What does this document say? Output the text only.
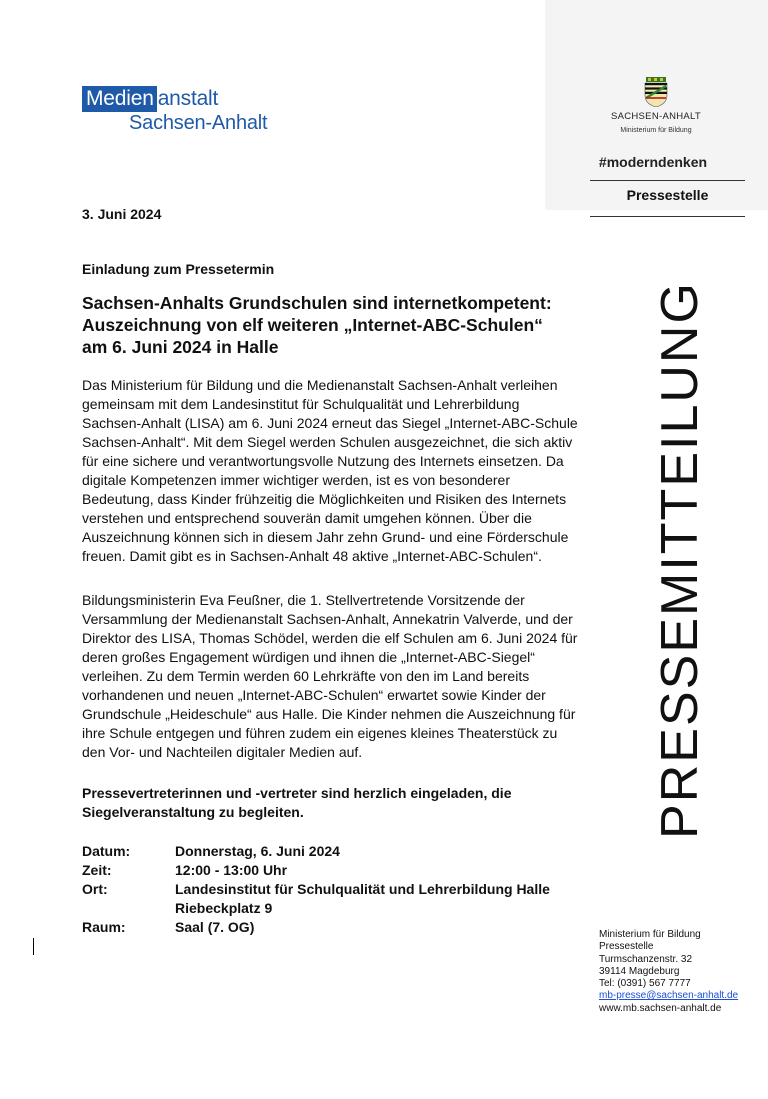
Medien anstalt
Sachsen-Anhalt	SACHSEN-ANHALT
Ministerium für Bildung
#moderndenken
Pressestelle
PRESSEMITTEILUNG
3. Juni 2024
Einladung zum Pressetermin
Sachsen-Anhalts Grundschulen sind internetkompetent:
Auszeichnung von elf weiteren „Internet-ABC-Schulen“
am 6. Juni 2024 in Halle
Das Ministerium für Bildung und die Medienanstalt Sachsen-Anhalt verleihen
gemeinsam mit dem Landesinstitut für Schulqualität und Lehrerbildung
Sachsen-Anhalt (LISA) am 6. Juni 2024 erneut das Siegel „Internet-ABC-Schule
Sachsen-Anhalt“. Mit dem Siegel werden Schulen ausgezeichnet, die sich aktiv
für eine sichere und verantwortungsvolle Nutzung des Internets einsetzen. Da
digitale Kompetenzen immer wichtiger werden, ist es von besonderer
Bedeutung, dass Kinder frühzeitig die Möglichkeiten und Risiken des Internets
verstehen und entsprechend souverän damit umgehen können. Über die
Auszeichnung können sich in diesem Jahr zehn Grund- und eine Förderschule
freuen. Damit gibt es in Sachsen-Anhalt 48 aktive „Internet-ABC-Schulen“.
Bildungsministerin Eva Feußner, die 1. Stellvertretende Vorsitzende der
Versammlung der Medienanstalt Sachsen-Anhalt, Annekatrin Valverde, und der
Direktor des LISA, Thomas Schödel, werden die elf Schulen am 6. Juni 2024 für
deren großes Engagement würdigen und ihnen die „Internet-ABC-Siegel“
verleihen. Zu dem Termin werden 60 Lehrkräfte von den im Land bereits
vorhandenen und neuen „Internet-ABC-Schulen“ erwartet sowie Kinder der
Grundschule „Heideschule“ aus Halle. Die Kinder nehmen die Auszeichnung für
ihre Schule entgegen und führen zudem ein eigenes kleines Theaterstück zu
den Vor- und Nachteilen digitaler Medien auf.
Pressevertreterinnen und -vertreter sind herzlich eingeladen, die
Siegelveranstaltung zu begleiten.
Datum:	Donnerstag, 6. Juni 2024
Zeit:	12:00 - 13:00 Uhr
Ort:	Landesinstitut für Schulqualität und Lehrerbildung Halle
Riebeckplatz 9
Raum:	Saal (7. OG)	Ministerium für Bildung
Pressestelle
Turmschanzenstr. 32
39114 Magdeburg
Tel: (0391) 567 7777
mb-presse@sachsen-anhalt.de
www.mb.sachsen-anhalt.de
